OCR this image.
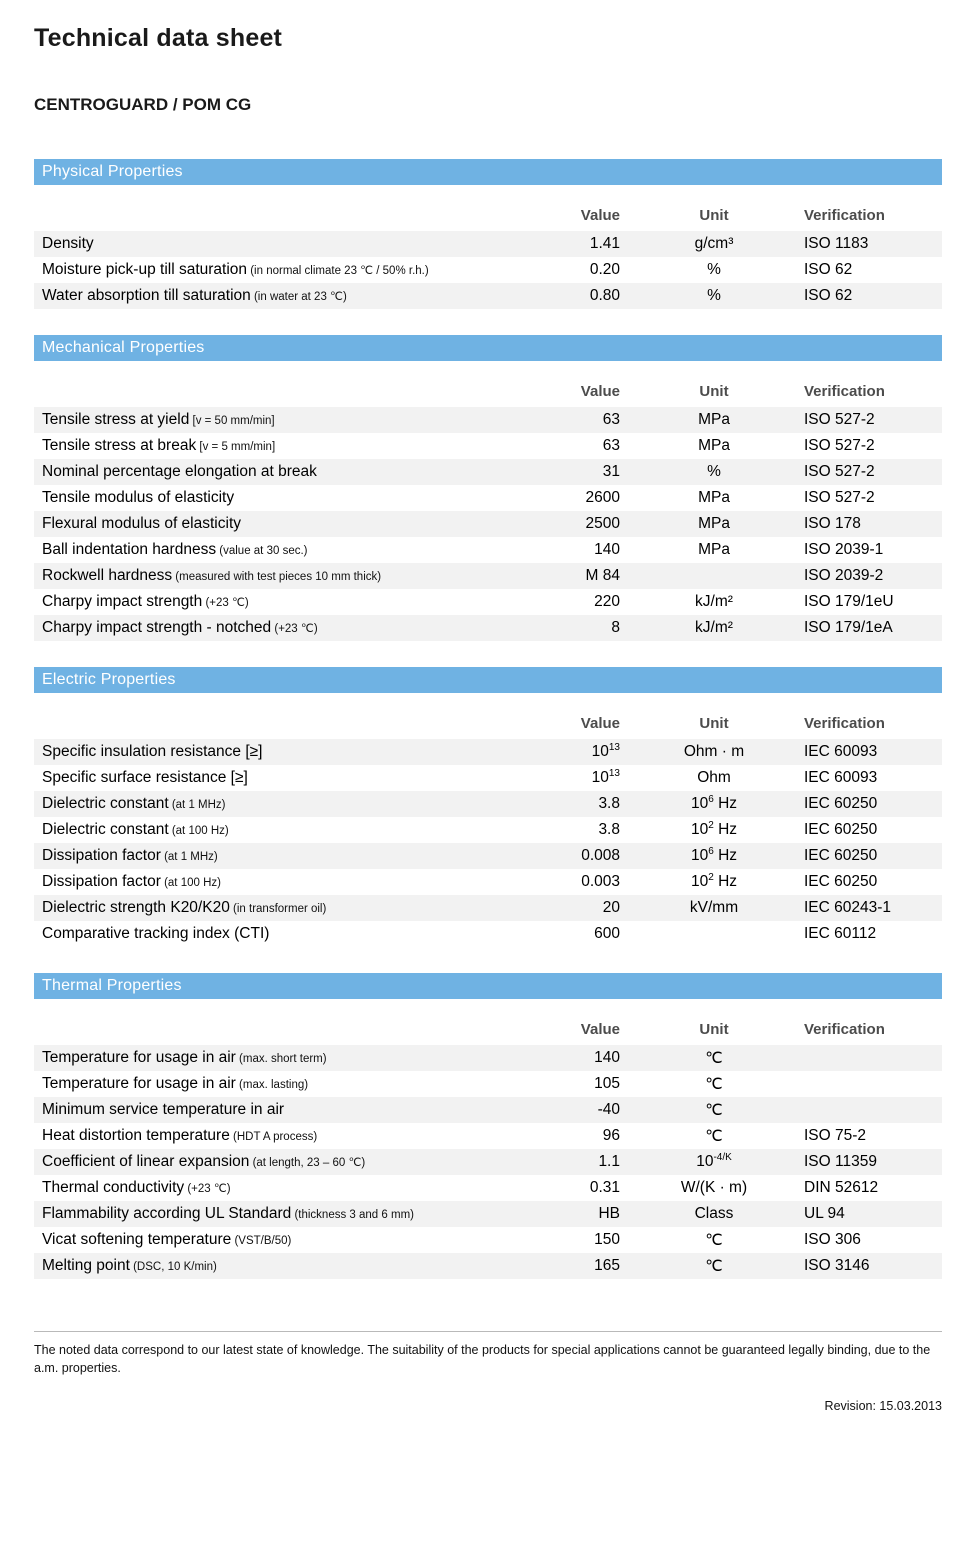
Technical data sheet
CENTROGUARD / POM CG
Physical Properties			
	Value	Unit	Verification
Density	1.41	g/cm³	ISO 1183
Moisture pick-up till saturation (in normal climate 23 ℃ / 50% r.h.)	0.20	%	ISO 62
Water absorption till saturation (in water at 23 ℃)	0.80	%	ISO 62
Mechanical Properties			
	Value	Unit	Verification
Tensile stress at yield [v = 50 mm/min]	63	MPa	ISO 527-2
Tensile stress at break [v = 5 mm/min]	63	MPa	ISO 527-2
Nominal percentage elongation at break	31	%	ISO 527-2
Tensile modulus of elasticity	2600	MPa	ISO 527-2
Flexural modulus of elasticity	2500	MPa	ISO 178
Ball indentation hardness (value at 30 sec.)	140	MPa	ISO 2039-1
Rockwell hardness (measured with test pieces 10 mm thick)	M 84		ISO 2039-2
Charpy impact strength (+23 ℃)	220	kJ/m²	ISO 179/1eU
Charpy impact strength - notched (+23 ℃)	8	kJ/m²	ISO 179/1eA
Electric Properties			
	Value	Unit	Verification
Specific insulation resistance [≥]	$10^{13}$	Ohm · m	IEC 60093
Specific surface resistance [≥]	$10^{13}$	Ohm	IEC 60093
Dielectric constant (at 1 MHz)	3.8	$10^6$ Hz	IEC 60250
Dielectric constant (at 100 Hz)	3.8	$10^2$ Hz	IEC 60250
Dissipation factor (at 1 MHz)	0.008	$10^6$ Hz	IEC 60250
Dissipation factor (at 100 Hz)	0.003	$10^2$ Hz	IEC 60250
Dielectric strength K20/K20 (in transformer oil)	20	kV/mm	IEC 60243-1
Comparative tracking index (CTI)	600		IEC 60112
Thermal Properties			
	Value	Unit	Verification
Temperature for usage in air (max. short term)	140	℃	
Temperature for usage in air (max. lasting)	105	℃	
Minimum service temperature in air	-40	℃	
Heat distortion temperature (HDT A process)	96	℃	ISO 75-2
Coefficient of linear expansion (at length, 23 – 60 ℃)	1.1	$10^{-4/K}$	ISO 11359
Thermal conductivity (+23 ℃)	0.31	W/(K · m)	DIN 52612
Flammability according UL Standard (thickness 3 and 6 mm)	HB	Class	UL 94
Vicat softening temperature (VST/B/50)	150	℃	ISO 306
Melting point (DSC, 10 K/min)	165	℃	ISO 3146
The noted data correspond to our latest state of knowledge. The suitability of the products for special applications cannot be guaranteed legally binding, due to the a.m. properties.
Revision: 15.03.2013
